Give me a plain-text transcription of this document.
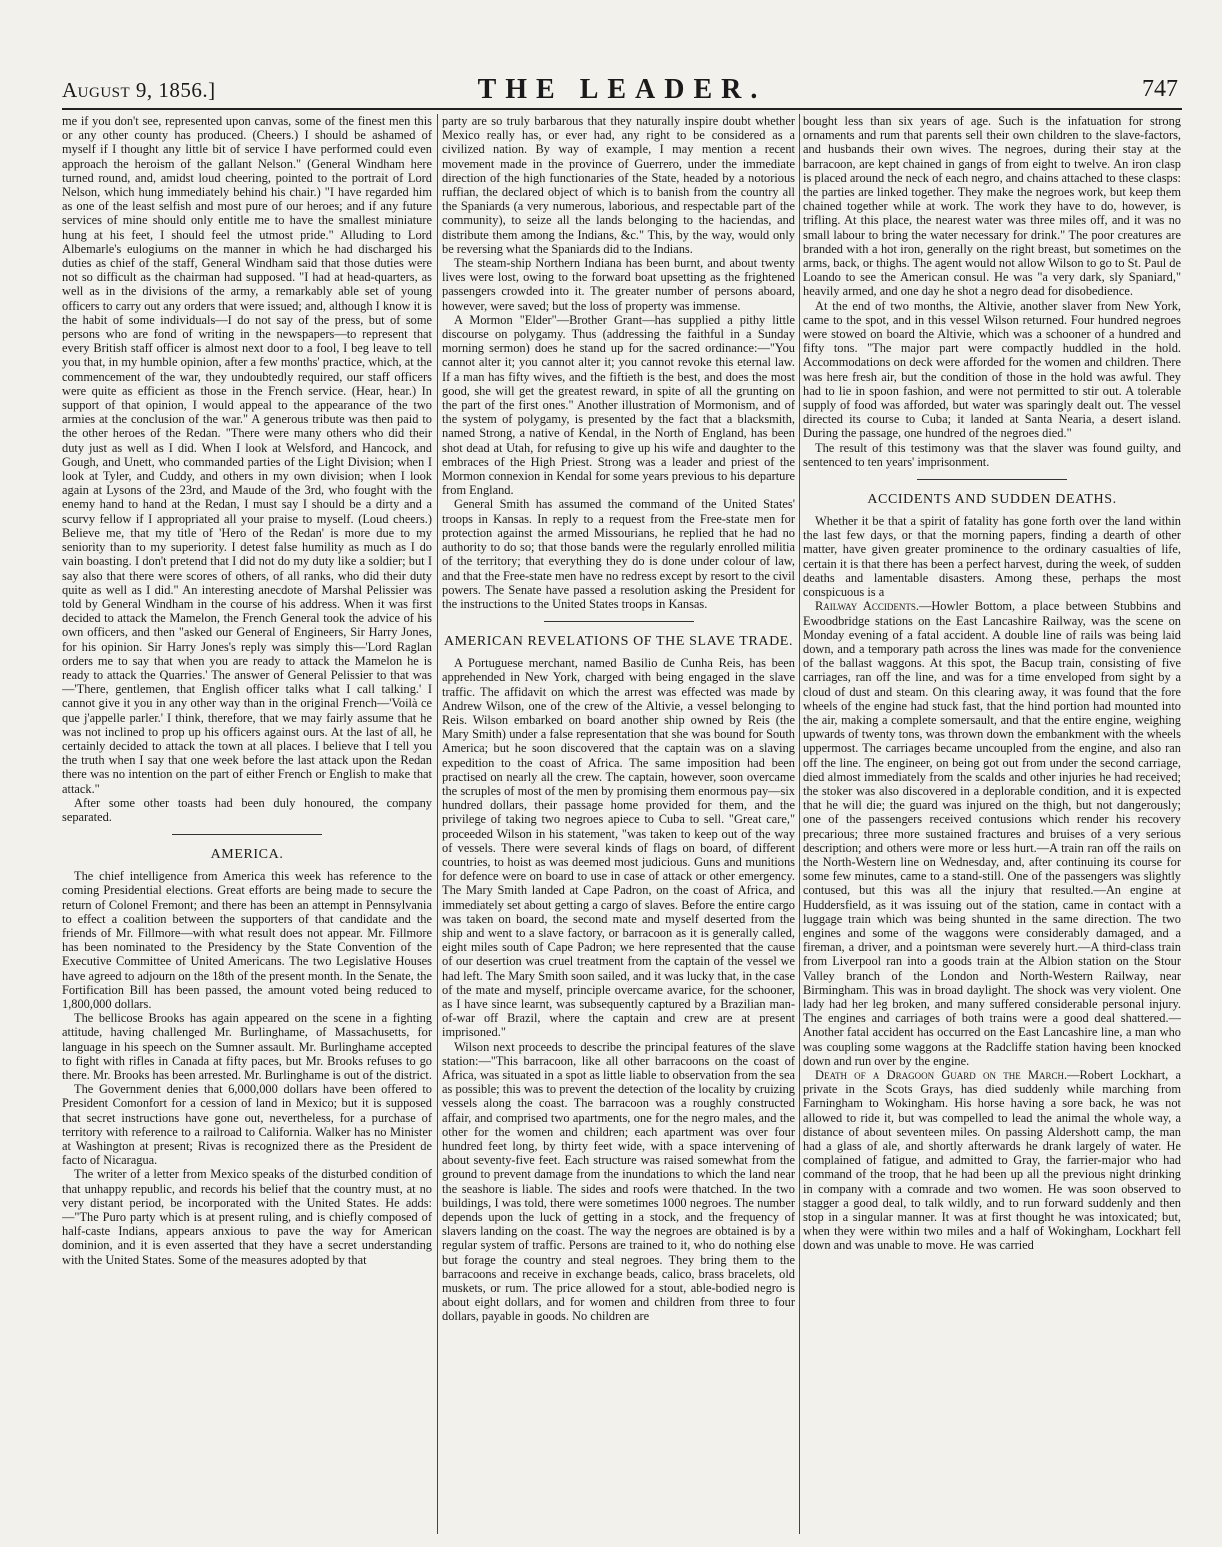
August 9, 1856.]	THE LEADER.	747

me if you don't see, represented upon canvas, some of the finest men this or any other county has produced. (Cheers.) I should be ashamed of myself if I thought any little bit of service I have performed could even approach the heroism of the gallant Nelson." (General Windham here turned round, and, amidst loud cheering, pointed to the portrait of Lord Nelson, which hung immediately behind his chair.) "I have regarded him as one of the least selfish and most pure of our heroes; and if any future services of mine should only entitle me to have the smallest miniature hung at his feet, I should feel the utmost pride." Alluding to Lord Albemarle's eulogiums on the manner in which he had discharged his duties as chief of the staff, General Windham said that those duties were not so difficult as the chairman had supposed. "I had at head-quarters, as well as in the divisions of the army, a remarkably able set of young officers to carry out any orders that were issued; and, although I know it is the habit of some individuals—I do not say of the press, but of some persons who are fond of writing in the newspapers—to represent that every British staff officer is almost next door to a fool, I beg leave to tell you that, in my humble opinion, after a few months' practice, which, at the commencement of the war, they undoubtedly required, our staff officers were quite as efficient as those in the French service. (Hear, hear.) In support of that opinion, I would appeal to the appearance of the two armies at the conclusion of the war." A generous tribute was then paid to the other heroes of the Redan. "There were many others who did their duty just as well as I did. When I look at Welsford, and Hancock, and Gough, and Unett, who commanded parties of the Light Division; when I look at Tyler, and Cuddy, and others in my own division; when I look again at Lysons of the 23rd, and Maude of the 3rd, who fought with the enemy hand to hand at the Redan, I must say I should be a dirty and a scurvy fellow if I appropriated all your praise to myself. (Loud cheers.) Believe me, that my title of 'Hero of the Redan' is more due to my seniority than to my superiority. I detest false humility as much as I do vain boasting. I don't pretend that I did not do my duty like a soldier; but I say also that there were scores of others, of all ranks, who did their duty quite as well as I did." An interesting anecdote of Marshal Pelissier was told by General Windham in the course of his address. When it was first decided to attack the Mamelon, the French General took the advice of his own officers, and then "asked our General of Engineers, Sir Harry Jones, for his opinion. Sir Harry Jones's reply was simply this—'Lord Raglan orders me to say that when you are ready to attack the Mamelon he is ready to attack the Quarries.' The answer of General Pelissier to that was—'There, gentlemen, that English officer talks what I call talking.' I cannot give it you in any other way than in the original French—'Voilà ce que j'appelle parler.' I think, therefore, that we may fairly assume that he was not inclined to prop up his officers against ours. At the last of all, he certainly decided to attack the town at all places. I believe that I tell you the truth when I say that one week before the last attack upon the Redan there was no intention on the part of either French or English to make that attack."

After some other toasts had been duly honoured, the company separated.

AMERICA.

The chief intelligence from America this week has reference to the coming Presidential elections. Great efforts are being made to secure the return of Colonel Fremont; and there has been an attempt in Pennsylvania to effect a coalition between the supporters of that candidate and the friends of Mr. Fillmore—with what result does not appear. Mr. Fillmore has been nominated to the Presidency by the State Convention of the Executive Committee of United Americans. The two Legislative Houses have agreed to adjourn on the 18th of the present month. In the Senate, the Fortification Bill has been passed, the amount voted being reduced to 1,800,000 dollars.

The bellicose Brooks has again appeared on the scene in a fighting attitude, having challenged Mr. Burlinghame, of Massachusetts, for language in his speech on the Sumner assault. Mr. Burlinghame accepted to fight with rifles in Canada at fifty paces, but Mr. Brooks refuses to go there. Mr. Brooks has been arrested. Mr. Burlinghame is out of the district.

The Government denies that 6,000,000 dollars have been offered to President Comonfort for a cession of land in Mexico; but it is supposed that secret instructions have gone out, nevertheless, for a purchase of territory with reference to a railroad to California. Walker has no Minister at Washington at present; Rivas is recognized there as the President de facto of Nicaragua.

The writer of a letter from Mexico speaks of the disturbed condition of that unhappy republic, and records his belief that the country must, at no very distant period, be incorporated with the United States. He adds:—"The Puro party which is at present ruling, and is chiefly composed of half-caste Indians, appears anxious to pave the way for American dominion, and it is even asserted that they have a secret understanding with the United States. Some of the measures adopted by that

party are so truly barbarous that they naturally inspire doubt whether Mexico really has, or ever had, any right to be considered as a civilized nation. By way of example, I may mention a recent movement made in the province of Guerrero, under the immediate direction of the high functionaries of the State, headed by a notorious ruffian, the declared object of which is to banish from the country all the Spaniards (a very numerous, laborious, and respectable part of the community), to seize all the lands belonging to the haciendas, and distribute them among the Indians, &c." This, by the way, would only be reversing what the Spaniards did to the Indians.

The steam-ship Northern Indiana has been burnt, and about twenty lives were lost, owing to the forward boat upsetting as the frightened passengers crowded into it. The greater number of persons aboard, however, were saved; but the loss of property was immense.

A Mormon "Elder"—Brother Grant—has supplied a pithy little discourse on polygamy. Thus (addressing the faithful in a Sunday morning sermon) does he stand up for the sacred ordinance:—"You cannot alter it; you cannot alter it; you cannot revoke this eternal law. If a man has fifty wives, and the fiftieth is the best, and does the most good, she will get the greatest reward, in spite of all the grunting on the part of the first ones." Another illustration of Mormonism, and of the system of polygamy, is presented by the fact that a blacksmith, named Strong, a native of Kendal, in the North of England, has been shot dead at Utah, for refusing to give up his wife and daughter to the embraces of the High Priest. Strong was a leader and priest of the Mormon connexion in Kendal for some years previous to his departure from England.

General Smith has assumed the command of the United States' troops in Kansas. In reply to a request from the Free-state men for protection against the armed Missourians, he replied that he had no authority to do so; that those bands were the regularly enrolled militia of the territory; that everything they do is done under colour of law, and that the Free-state men have no redress except by resort to the civil powers. The Senate have passed a resolution asking the President for the instructions to the United States troops in Kansas.

AMERICAN REVELATIONS OF THE SLAVE TRADE.

A Portuguese merchant, named Basilio de Cunha Reis, has been apprehended in New York, charged with being engaged in the slave traffic. The affidavit on which the arrest was effected was made by Andrew Wilson, one of the crew of the Altivie, a vessel belonging to Reis. Wilson embarked on board another ship owned by Reis (the Mary Smith) under a false representation that she was bound for South America; but he soon discovered that the captain was on a slaving expedition to the coast of Africa. The same imposition had been practised on nearly all the crew. The captain, however, soon overcame the scruples of most of the men by promising them enormous pay—six hundred dollars, their passage home provided for them, and the privilege of taking two negroes apiece to Cuba to sell. "Great care," proceeded Wilson in his statement, "was taken to keep out of the way of vessels. There were several kinds of flags on board, of different countries, to hoist as was deemed most judicious. Guns and munitions for defence were on board to use in case of attack or other emergency. The Mary Smith landed at Cape Padron, on the coast of Africa, and immediately set about getting a cargo of slaves. Before the entire cargo was taken on board, the second mate and myself deserted from the ship and went to a slave factory, or barracoon as it is generally called, eight miles south of Cape Padron; we here represented that the cause of our desertion was cruel treatment from the captain of the vessel we had left. The Mary Smith soon sailed, and it was lucky that, in the case of the mate and myself, principle overcame avarice, for the schooner, as I have since learnt, was subsequently captured by a Brazilian man-of-war off Brazil, where the captain and crew are at present imprisoned."

Wilson next proceeds to describe the principal features of the slave station:—"This barracoon, like all other barracoons on the coast of Africa, was situated in a spot as little liable to observation from the sea as possible; this was to prevent the detection of the locality by cruizing vessels along the coast. The barracoon was a roughly constructed affair, and comprised two apartments, one for the negro males, and the other for the women and children; each apartment was over four hundred feet long, by thirty feet wide, with a space intervening of about seventy-five feet. Each structure was raised somewhat from the ground to prevent damage from the inundations to which the land near the seashore is liable. The sides and roofs were thatched. In the two buildings, I was told, there were sometimes 1000 negroes. The number depends upon the luck of getting in a stock, and the frequency of slavers landing on the coast. The way the negroes are obtained is by a regular system of traffic. Persons are trained to it, who do nothing else but forage the country and steal negroes. They bring them to the barracoons and receive in exchange beads, calico, brass bracelets, old muskets, or rum. The price allowed for a stout, able-bodied negro is about eight dollars, and for women and children from three to four dollars, payable in goods. No children are

bought less than six years of age. Such is the infatuation for strong ornaments and rum that parents sell their own children to the slave-factors, and husbands their own wives. The negroes, during their stay at the barracoon, are kept chained in gangs of from eight to twelve. An iron clasp is placed around the neck of each negro, and chains attached to these clasps: the parties are linked together. They make the negroes work, but keep them chained together while at work. The work they have to do, however, is trifling. At this place, the nearest water was three miles off, and it was no small labour to bring the water necessary for drink." The poor creatures are branded with a hot iron, generally on the right breast, but sometimes on the arms, back, or thighs. The agent would not allow Wilson to go to St. Paul de Loando to see the American consul. He was "a very dark, sly Spaniard," heavily armed, and one day he shot a negro dead for disobedience.

At the end of two months, the Altivie, another slaver from New York, came to the spot, and in this vessel Wilson returned. Four hundred negroes were stowed on board the Altivie, which was a schooner of a hundred and fifty tons. "The major part were compactly huddled in the hold. Accommodations on deck were afforded for the women and children. There was here fresh air, but the condition of those in the hold was awful. They had to lie in spoon fashion, and were not permitted to stir out. A tolerable supply of food was afforded, but water was sparingly dealt out. The vessel directed its course to Cuba; it landed at Santa Nearia, a desert island. During the passage, one hundred of the negroes died."

The result of this testimony was that the slaver was found guilty, and sentenced to ten years' imprisonment.

ACCIDENTS AND SUDDEN DEATHS.

Whether it be that a spirit of fatality has gone forth over the land within the last few days, or that the morning papers, finding a dearth of other matter, have given greater prominence to the ordinary casualties of life, certain it is that there has been a perfect harvest, during the week, of sudden deaths and lamentable disasters. Among these, perhaps the most conspicuous is a

Railway Accidents.—Howler Bottom, a place between Stubbins and Ewoodbridge stations on the East Lancashire Railway, was the scene on Monday evening of a fatal accident. A double line of rails was being laid down, and a temporary path across the lines was made for the convenience of the ballast waggons. At this spot, the Bacup train, consisting of five carriages, ran off the line, and was for a time enveloped from sight by a cloud of dust and steam. On this clearing away, it was found that the fore wheels of the engine had stuck fast, that the hind portion had mounted into the air, making a complete somersault, and that the entire engine, weighing upwards of twenty tons, was thrown down the embankment with the wheels uppermost. The carriages became uncoupled from the engine, and also ran off the line. The engineer, on being got out from under the second carriage, died almost immediately from the scalds and other injuries he had received; the stoker was also discovered in a deplorable condition, and it is expected that he will die; the guard was injured on the thigh, but not dangerously; one of the passengers received contusions which render his recovery precarious; three more sustained fractures and bruises of a very serious description; and others were more or less hurt.—A train ran off the rails on the North-Western line on Wednesday, and, after continuing its course for some few minutes, came to a stand-still. One of the passengers was slightly contused, but this was all the injury that resulted.—An engine at Huddersfield, as it was issuing out of the station, came in contact with a luggage train which was being shunted in the same direction. The two engines and some of the waggons were considerably damaged, and a fireman, a driver, and a pointsman were severely hurt.—A third-class train from Liverpool ran into a goods train at the Albion station on the Stour Valley branch of the London and North-Western Railway, near Birmingham. This was in broad daylight. The shock was very violent. One lady had her leg broken, and many suffered considerable personal injury. The engines and carriages of both trains were a good deal shattered.—Another fatal accident has occurred on the East Lancashire line, a man who was coupling some waggons at the Radcliffe station having been knocked down and run over by the engine.

Death of a Dragoon Guard on the March.—Robert Lockhart, a private in the Scots Grays, has died suddenly while marching from Farningham to Wokingham. His horse having a sore back, he was not allowed to ride it, but was compelled to lead the animal the whole way, a distance of about seventeen miles. On passing Aldershott camp, the man had a glass of ale, and shortly afterwards he drank largely of water. He complained of fatigue, and admitted to Gray, the farrier-major who had command of the troop, that he had been up all the previous night drinking in company with a comrade and two women. He was soon observed to stagger a good deal, to talk wildly, and to run forward suddenly and then stop in a singular manner. It was at first thought he was intoxicated; but, when they were within two miles and a half of Wokingham, Lockhart fell down and was unable to move. He was carried
